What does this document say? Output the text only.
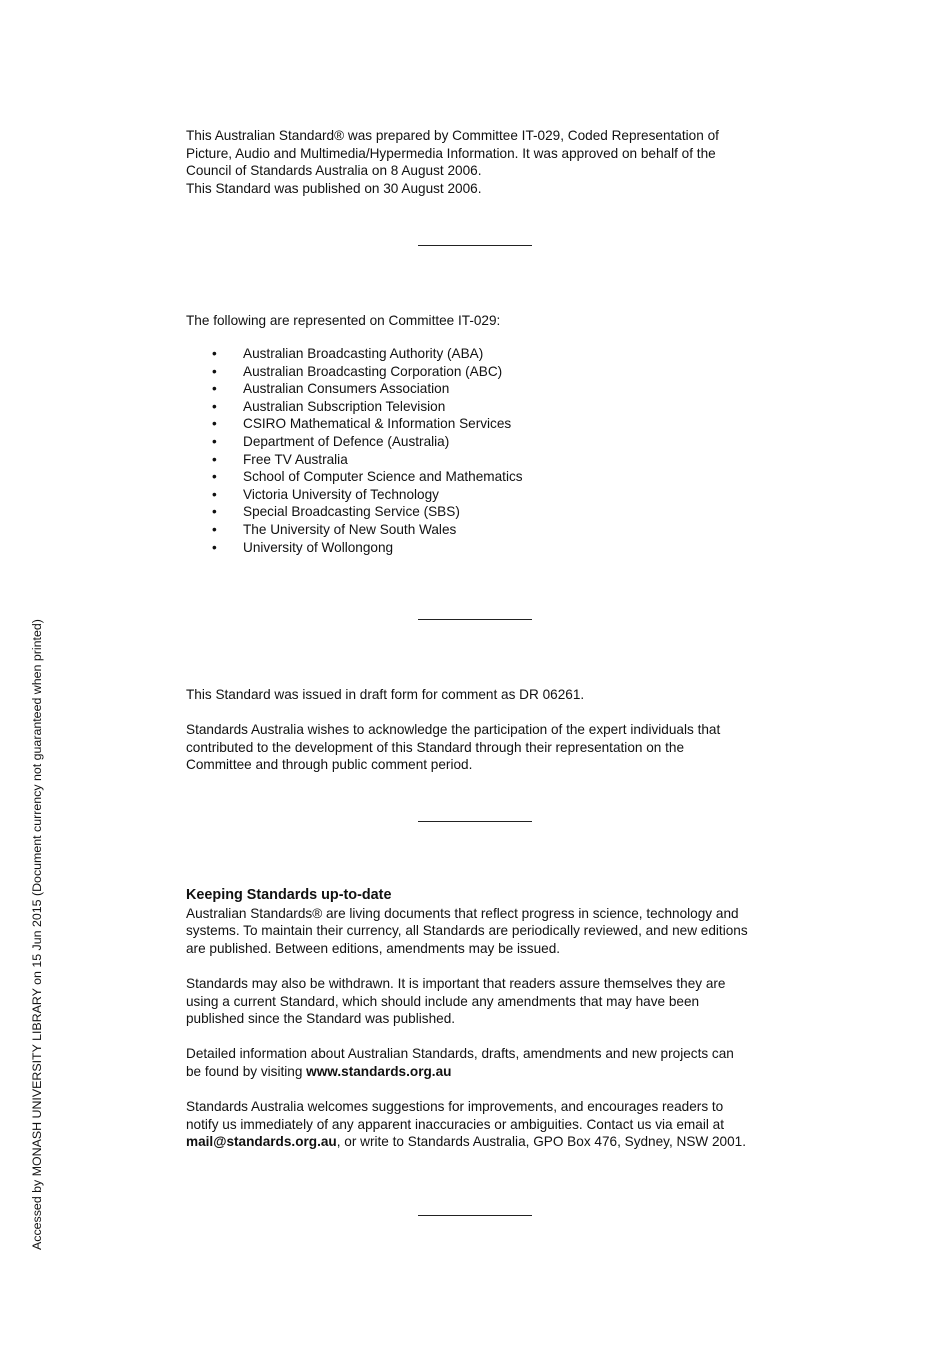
This Australian Standard® was prepared by Committee IT-029, Coded Representation of
Picture, Audio and Multimedia/Hypermedia Information. It was approved on behalf of the
Council of Standards Australia on 8 August 2006.
This Standard was published on 30 August 2006.
The following are represented on Committee IT-029:
• Australian Broadcasting Authority (ABA)
• Australian Broadcasting Corporation (ABC)
• Australian Consumers Association
• Australian Subscription Television
• CSIRO Mathematical & Information Services
• Department of Defence (Australia)
• Free TV Australia
• School of Computer Science and Mathematics
• Victoria University of Technology
• Special Broadcasting Service (SBS)
• The University of New South Wales
• University of Wollongong
This Standard was issued in draft form for comment as DR 06261.
Standards Australia wishes to acknowledge the participation of the expert individuals that
contributed to the development of this Standard through their representation on the
Committee and through public comment period.
Keeping Standards up-to-date
Australian Standards® are living documents that reflect progress in science, technology and
systems. To maintain their currency, all Standards are periodically reviewed, and new editions
are published. Between editions, amendments may be issued.
Standards may also be withdrawn. It is important that readers assure themselves they are
using a current Standard, which should include any amendments that may have been
published since the Standard was published.
Detailed information about Australian Standards, drafts, amendments and new projects can
be found by visiting www.standards.org.au
Standards Australia welcomes suggestions for improvements, and encourages readers to
notify us immediately of any apparent inaccuracies or ambiguities. Contact us via email at
mail@standards.org.au, or write to Standards Australia, GPO Box 476, Sydney, NSW 2001.
Accessed by MONASH UNIVERSITY LIBRARY on 15 Jun 2015 (Document currency not guaranteed when printed)
